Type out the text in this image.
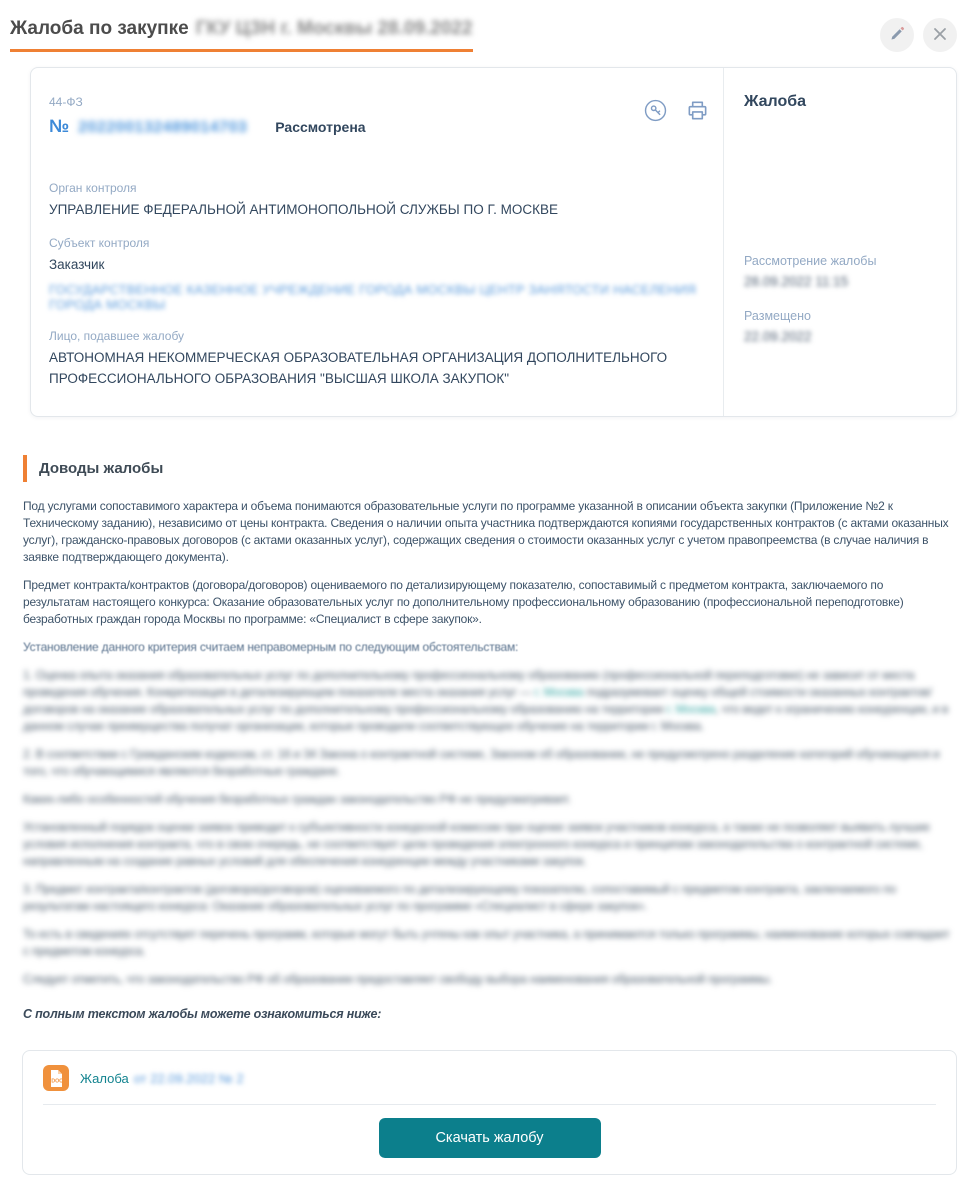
Жалоба по закупке ГКУ ЦЗН г. Москвы 28.09.2022
44-ФЗ
№ 202200132489014703 Рассмотрена
Орган контроля
УПРАВЛЕНИЕ ФЕДЕРАЛЬНОЙ АНТИМОНОПОЛЬНОЙ СЛУЖБЫ ПО Г. МОСКВЕ
Субъект контроля
Заказчик
ГОСУДАРСТВЕННОЕ КАЗЕННОЕ УЧРЕЖДЕНИЕ ГОРОДА МОСКВЫ ЦЕНТР ЗАНЯТОСТИ НАСЕЛЕНИЯ ГОРОДА МОСКВЫ
Лицо, подавшее жалобу
АВТОНОМНАЯ НЕКОММЕРЧЕСКАЯ ОБРАЗОВАТЕЛЬНАЯ ОРГАНИЗАЦИЯ ДОПОЛНИТЕЛЬНОГО ПРОФЕССИОНАЛЬНОГО ОБРАЗОВАНИЯ "ВЫСШАЯ ШКОЛА ЗАКУПОК"
Жалоба
Рассмотрение жалобы
28.09.2022 11:15
Размещено
22.09.2022
Доводы жалобы

Под услугами сопоставимого характера и объема понимаются образовательные услуги по программе указанной в описании объекта закупки (Приложение №2 к Техническому заданию), независимо от цены контракта. Сведения о наличии опыта участника подтверждаются копиями государственных контрактов (с актами оказанных услуг), гражданско-правовых договоров (с актами оказанных услуг), содержащих сведения о стоимости оказанных услуг с учетом правопреемства (в случае наличия в заявке подтверждающего документа).

Предмет контракта/контрактов (договора/договоров) оцениваемого по детализирующему показателю, сопоставимый с предметом контракта, заключаемого по результатам настоящего конкурса: Оказание образовательных услуг по дополнительному профессиональному образованию (профессиональной переподготовке) безработных граждан города Москвы по программе: «Специалист в сфере закупок».

Установление данного критерия считаем неправомерным по следующим обстоятельствам:

1. Оценка опыта оказания образовательных услуг по дополнительному профессиональному образованию (профессиональной переподготовке) не зависит от места проведения обучения. Конкретизация в детализирующем показателе места оказания услуг — г. Москва подразумевает оценку общей стоимости оказанных контрактов/договоров на оказание образовательных услуг по дополнительному профессиональному образованию на территории г. Москва, что ведет к ограничению конкуренции, и в данном случае преимущества получат организации, которые проводили соответствующее обучение на территории г. Москва.

2. В соответствии с Гражданским кодексом, ст. 16 и 34 Закона о контрактной системе, Законом об образовании, не предусмотрено разделение категорий обучающихся и того, что обучающимися являются безработные граждане.

Каких-либо особенностей обучения безработных граждан законодательство РФ не предусматривает.

Установленный порядок оценки заявок приводит к субъективности конкурсной комиссии при оценке заявок участников конкурса, а также не позволяет выявить лучшие условия исполнения контракта, что в свою очередь, не соответствует цели проведения электронного конкурса и принципам законодательства о контрактной системе, направленным на создание равных условий для обеспечения конкуренции между участниками закупок.

3. Предмет контракта/контрактов (договора/договоров) оцениваемого по детализирующему показателю, сопоставимый с предметом контракта, заключаемого по результатам настоящего конкурса: Оказание образовательных услуг по программе «Специалист в сфере закупок».

То есть в сведениях отсутствует перечень программ, которые могут быть учтены как опыт участника, а принимаются только программы, наименование которых совпадает с предметом конкурса.

Следует отметить, что законодательство РФ об образовании предоставляет свободу выбора наименования образовательной программы.

С полным текстом жалобы можете ознакомиться ниже:

DOC Жалоба от 22.09.2022 № 2
Скачать жалобу
